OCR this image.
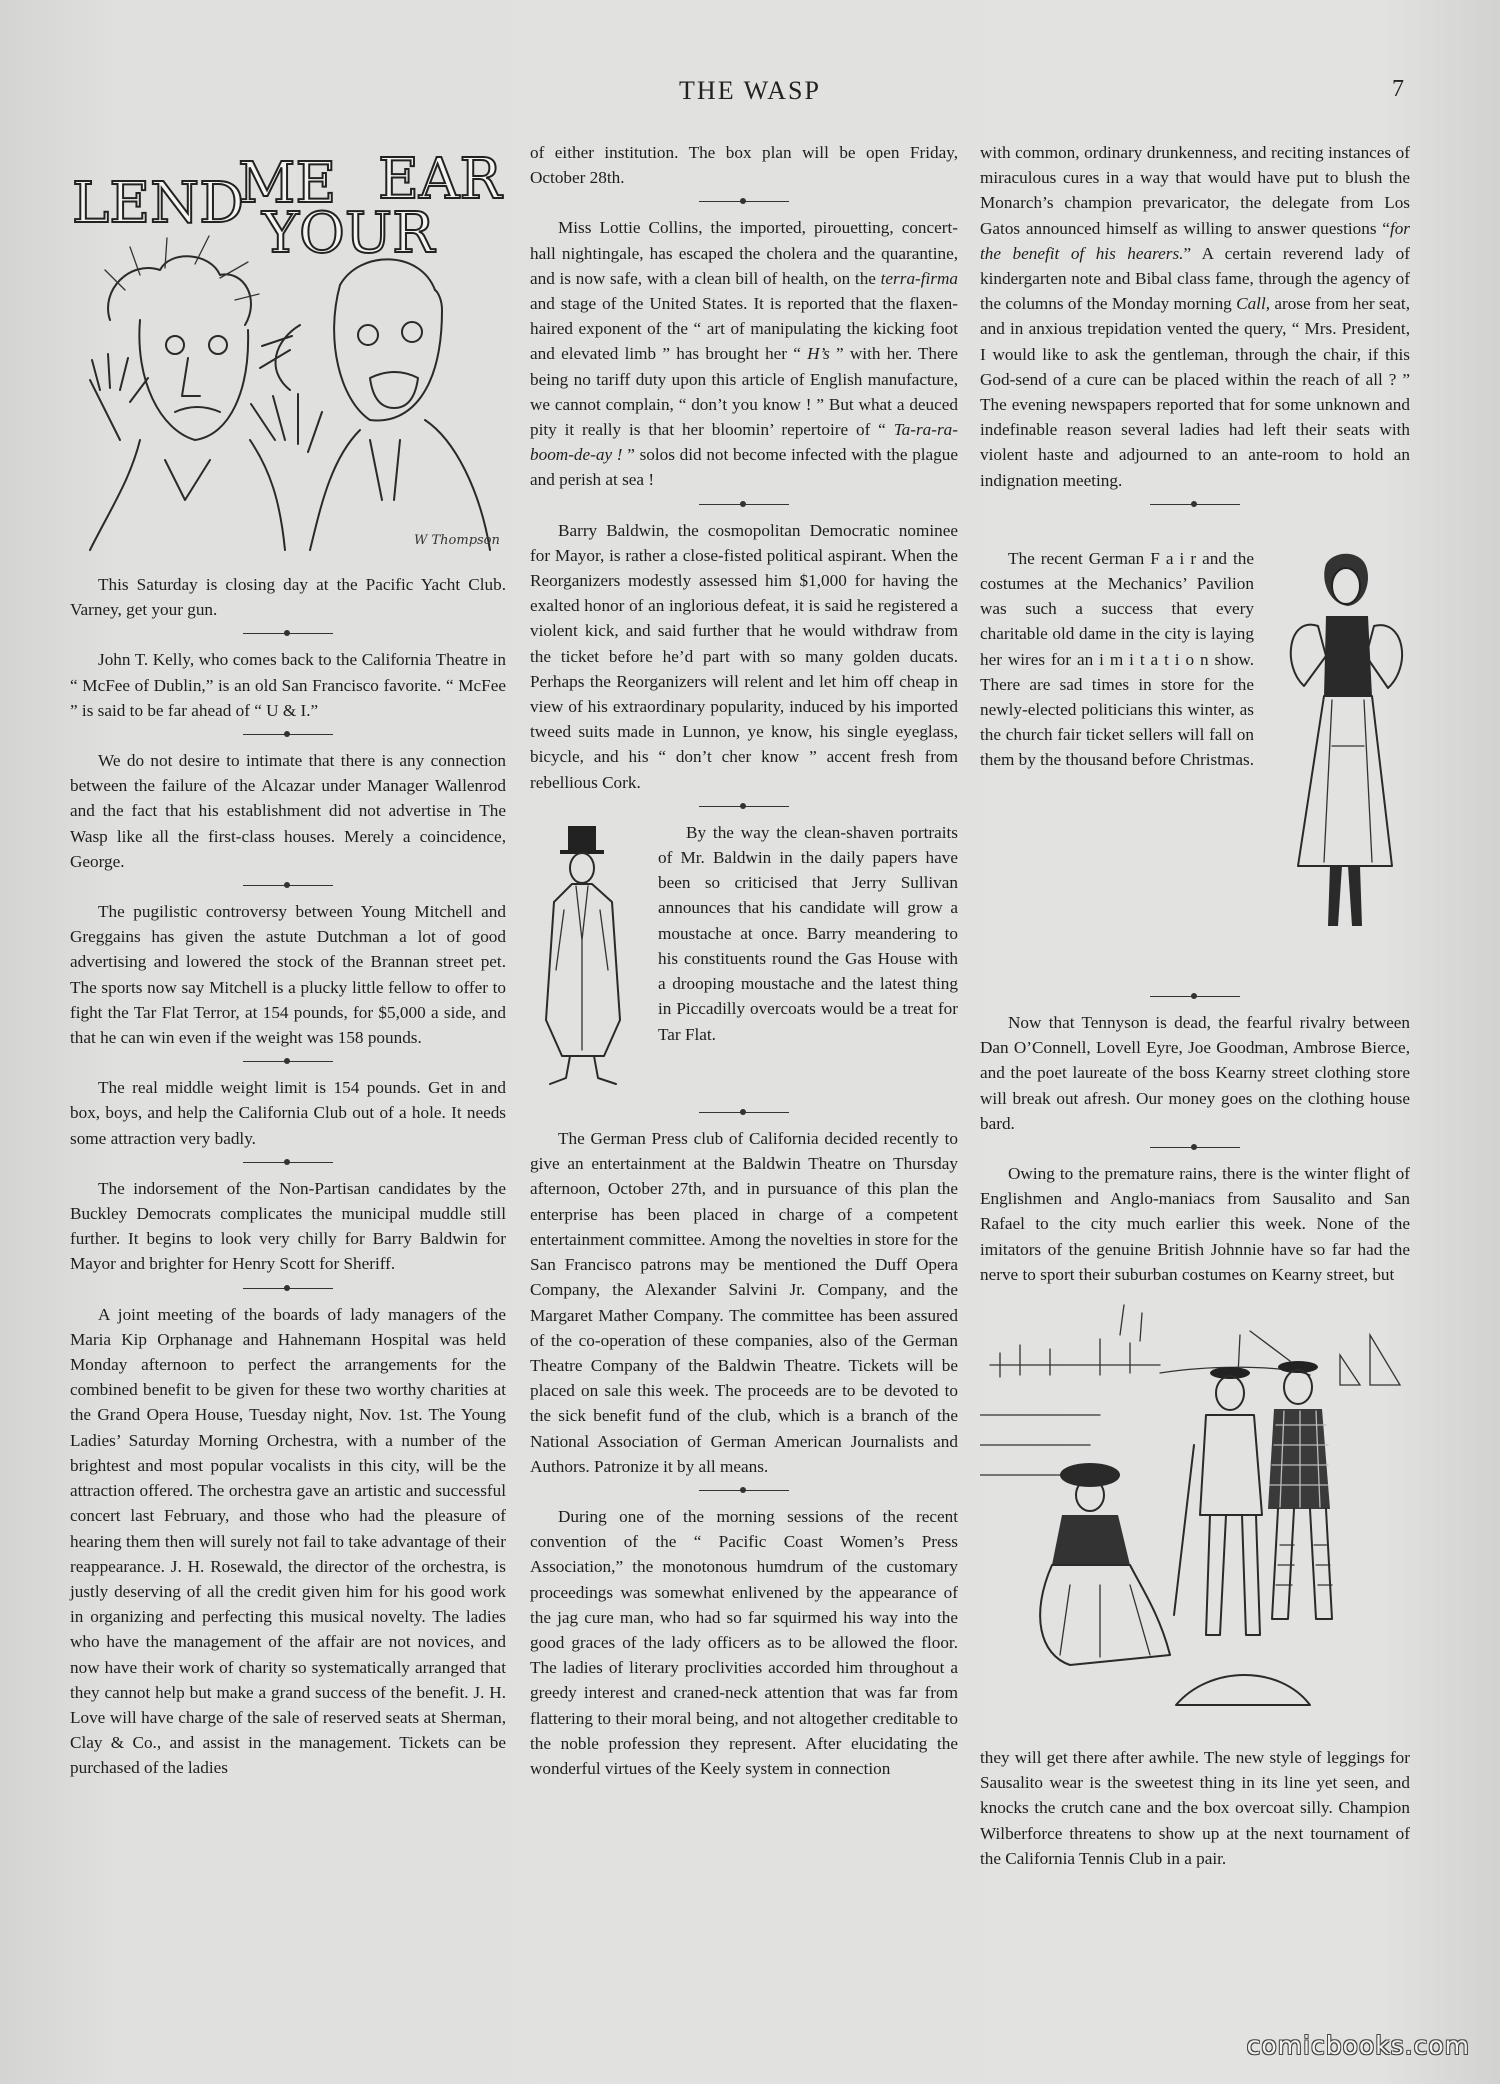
THE WASP	7
LEND
ME
YOUR
EAR
W Thompson

This Saturday is closing day at the Pacific Yacht Club. Varney, get your gun.

John T. Kelly, who comes back to the California Theatre in “ McFee of Dublin,” is an old San Francisco favorite. “ McFee ” is said to be far ahead of “ U & I.”

We do not desire to intimate that there is any connection between the failure of the Alcazar under Manager Wallenrod and the fact that his establishment did not advertise in The Wasp like all the first-class houses. Merely a coincidence, George.

The pugilistic controversy between Young Mitchell and Greggains has given the astute Dutchman a lot of good advertising and lowered the stock of the Brannan street pet. The sports now say Mitchell is a plucky little fellow to offer to fight the Tar Flat Terror, at 154 pounds, for $5,000 a side, and that he can win even if the weight was 158 pounds.

The real middle weight limit is 154 pounds. Get in and box, boys, and help the California Club out of a hole. It needs some attraction very badly.

The indorsement of the Non-Partisan candidates by the Buckley Democrats complicates the municipal muddle still further. It begins to look very chilly for Barry Baldwin for Mayor and brighter for Henry Scott for Sheriff.

A joint meeting of the boards of lady managers of the Maria Kip Orphanage and Hahnemann Hospital was held Monday afternoon to perfect the arrangements for the combined benefit to be given for these two worthy charities at the Grand Opera House, Tuesday night, Nov. 1st. The Young Ladies’ Saturday Morning Orchestra, with a number of the brightest and most popular vocalists in this city, will be the attraction offered. The orchestra gave an artistic and successful concert last February, and those who had the pleasure of hearing them then will surely not fail to take advantage of their reappearance. J. H. Rosewald, the director of the orchestra, is justly deserving of all the credit given him for his good work in organizing and perfecting this musical novelty. The ladies who have the management of the affair are not novices, and now have their work of charity so systematically arranged that they cannot help but make a grand success of the benefit. J. H. Love will have charge of the sale of reserved seats at Sherman, Clay & Co., and assist in the management. Tickets can be purchased of the ladies

of either institution. The box plan will be open Friday, October 28th.

Miss Lottie Collins, the imported, pirouetting, concert-hall nightingale, has escaped the cholera and the quarantine, and is now safe, with a clean bill of health, on the terra-firma and stage of the United States. It is reported that the flaxen-haired exponent of the “ art of manipulating the kicking foot and elevated limb ” has brought her “ H’s ” with her. There being no tariff duty upon this article of English manufacture, we cannot complain, “ don’t you know ! ” But what a deuced pity it really is that her bloomin’ repertoire of “ Ta-ra-ra-boom-de-ay ! ” solos did not become infected with the plague and perish at sea !

Barry Baldwin, the cosmopolitan Democratic nominee for Mayor, is rather a close-fisted political aspirant. When the Reorganizers modestly assessed him $1,000 for having the exalted honor of an inglorious defeat, it is said he registered a violent kick, and said further that he would withdraw from the ticket before he’d part with so many golden ducats. Perhaps the Reorganizers will relent and let him off cheap in view of his extraordinary popularity, induced by his imported tweed suits made in Lunnon, ye know, his single eyeglass, bicycle, and his “ don’t cher know ” accent fresh from rebellious Cork.

By the way the clean-shaven portraits of Mr. Baldwin in the daily papers have been so criticised that Jerry Sullivan announces that his candidate will grow a moustache at once. Barry meandering to his constituents round the Gas House with a drooping moustache and the latest thing in Piccadilly overcoats would be a treat for Tar Flat.

The German Press club of California decided recently to give an entertainment at the Baldwin Theatre on Thursday afternoon, October 27th, and in pursuance of this plan the enterprise has been placed in charge of a competent entertainment committee. Among the novelties in store for the San Francisco patrons may be mentioned the Duff Opera Company, the Alexander Salvini Jr. Company, and the Margaret Mather Company. The committee has been assured of the co-operation of these companies, also of the German Theatre Company of the Baldwin Theatre. Tickets will be placed on sale this week. The proceeds are to be devoted to the sick benefit fund of the club, which is a branch of the National Association of German American Journalists and Authors. Patronize it by all means.

During one of the morning sessions of the recent convention of the “ Pacific Coast Women’s Press Association,” the monotonous humdrum of the customary proceedings was somewhat enlivened by the appearance of the jag cure man, who had so far squirmed his way into the good graces of the lady officers as to be allowed the floor. The ladies of literary proclivities accorded him throughout a greedy interest and craned-neck attention that was far from flattering to their moral being, and not altogether creditable to the noble profession they represent. After elucidating the wonderful virtues of the Keely system in connection

with common, ordinary drunkenness, and reciting instances of miraculous cures in a way that would have put to blush the Monarch’s champion prevaricator, the delegate from Los Gatos announced himself as willing to answer questions “for the benefit of his hearers.” A certain reverend lady of kindergarten note and Bibal class fame, through the agency of the columns of the Monday morning Call, arose from her seat, and in anxious trepidation vented the query, “ Mrs. President, I would like to ask the gentleman, through the chair, if this God-send of a cure can be placed within the reach of all ? ” The evening newspapers reported that for some unknown and indefinable reason several ladies had left their seats with violent haste and adjourned to an ante-room to hold an indignation meeting.

The recent German F a i r and the costumes at the Mechanics’ Pavilion was such a success that every charitable old dame in the city is laying her wires for an i m i t a t i o n show. There are sad times in store for the newly-elected politicians this winter, as the church fair ticket sellers will fall on them by the thousand before Christmas.

Now that Tennyson is dead, the fearful rivalry between Dan O’Connell, Lovell Eyre, Joe Goodman, Ambrose Bierce, and the poet laureate of the boss Kearny street clothing store will break out afresh. Our money goes on the clothing house bard.

Owing to the premature rains, there is the winter flight of Englishmen and Anglo-maniacs from Sausalito and San Rafael to the city much earlier this week. None of the imitators of the genuine British Johnnie have so far had the nerve to sport their suburban costumes on Kearny street, but

they will get there after awhile. The new style of leggings for Sausalito wear is the sweetest thing in its line yet seen, and knocks the crutch cane and the box overcoat silly. Champion Wilberforce threatens to show up at the next tournament of the California Tennis Club in a pair.

comicbooks.com
